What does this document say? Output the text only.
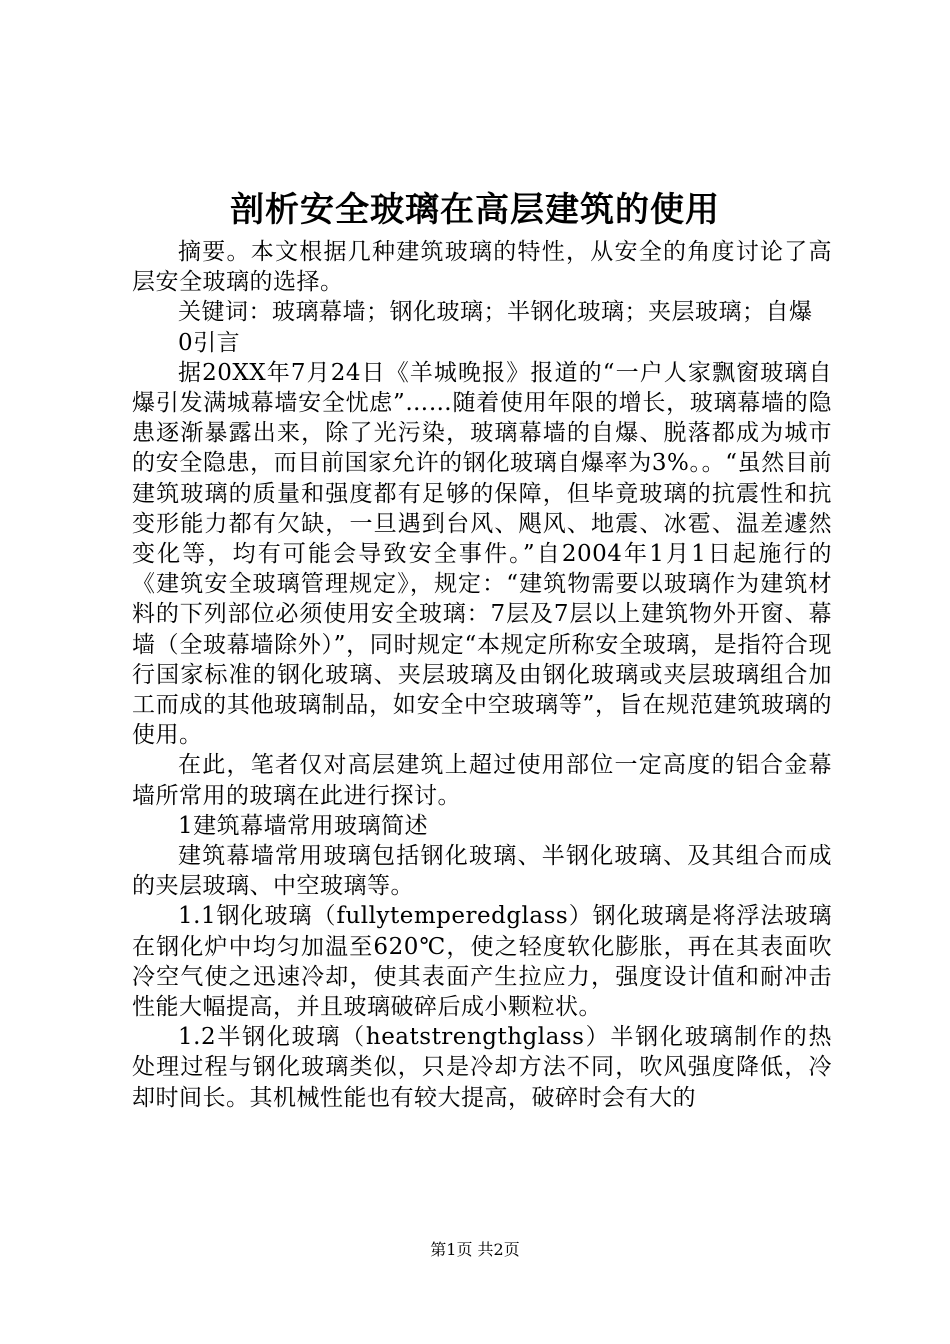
剖析安全玻璃在高层建筑的使用

摘要。本文根据几种建筑玻璃的特性，从安全的角度讨论了高层安全玻璃的选择。

关键词：玻璃幕墙；钢化玻璃；半钢化玻璃；夹层玻璃；自爆

0引言

据20XX年7月24日《羊城晚报》报道的“一户人家飘窗玻璃自爆引发满城幕墙安全忧虑”……随着使用年限的增长，玻璃幕墙的隐患逐渐暴露出来，除了光污染，玻璃幕墙的自爆、脱落都成为城市的安全隐患，而目前国家允许的钢化玻璃自爆率为3%。。“虽然目前建筑玻璃的质量和强度都有足够的保障，但毕竟玻璃的抗震性和抗变形能力都有欠缺，一旦遇到台风、飓风、地震、冰雹、温差遽然变化等，均有可能会导致安全事件。”自2004年1月1日起施行的《建筑安全玻璃管理规定》，规定：“建筑物需要以玻璃作为建筑材料的下列部位必须使用安全玻璃：7层及7层以上建筑物外开窗、幕墙（全玻幕墙除外）”，同时规定“本规定所称安全玻璃，是指符合现行国家标准的钢化玻璃、夹层玻璃及由钢化玻璃或夹层玻璃组合加工而成的其他玻璃制品，如安全中空玻璃等”，旨在规范建筑玻璃的使用。

在此，笔者仅对高层建筑上超过使用部位一定高度的铝合金幕墙所常用的玻璃在此进行探讨。

1建筑幕墙常用玻璃简述

建筑幕墙常用玻璃包括钢化玻璃、半钢化玻璃、及其组合而成的夹层玻璃、中空玻璃等。

1.1钢化玻璃（fullytemperedglass）钢化玻璃是将浮法玻璃在钢化炉中均匀加温至620℃，使之轻度软化膨胀，再在其表面吹冷空气使之迅速冷却，使其表面产生拉应力，强度设计值和耐冲击性能大幅提高，并且玻璃破碎后成小颗粒状。

1.2半钢化玻璃（heatstrengthglass）半钢化玻璃制作的热处理过程与钢化玻璃类似，只是冷却方法不同，吹风强度降低，冷却时间长。其机械性能也有较大提高，破碎时会有大的

第1页 共2页
